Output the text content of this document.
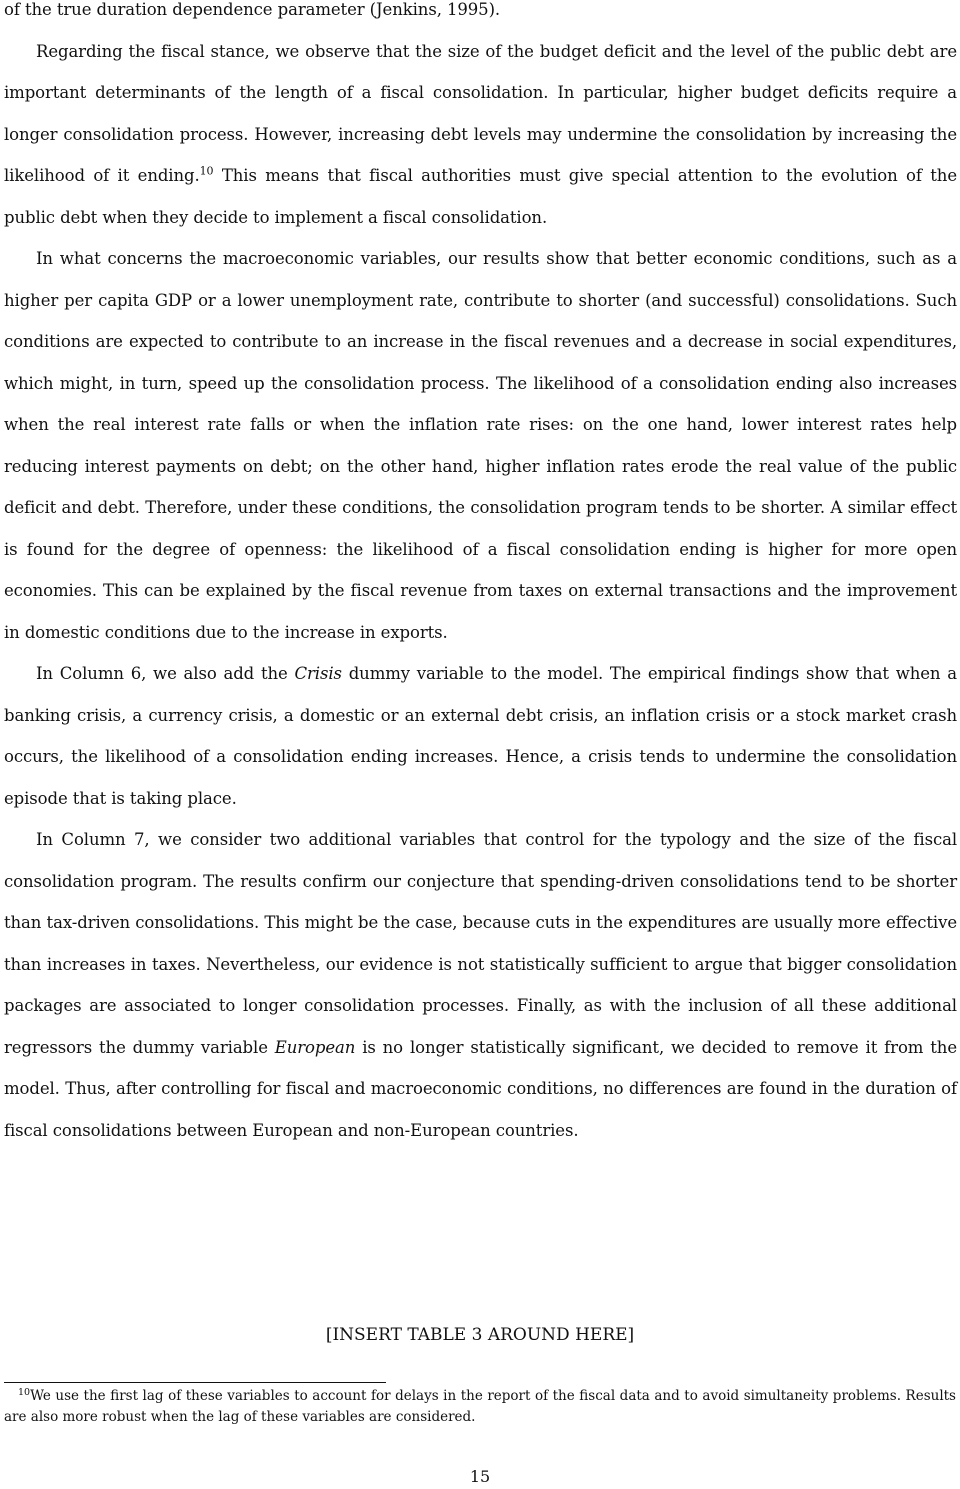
of the true duration dependence parameter (Jenkins, 1995).

Regarding the fiscal stance, we observe that the size of the budget deficit and the level of the public debt are important determinants of the length of a fiscal consolidation. In particular, higher budget deficits require a longer consolidation process. However, increasing debt levels may undermine the consolidation by increasing the likelihood of it ending.$^{10}$ This means that fiscal authorities must give special attention to the evolution of the public debt when they decide to implement a fiscal consolidation.

In what concerns the macroeconomic variables, our results show that better economic conditions, such as a higher per capita GDP or a lower unemployment rate, contribute to shorter (and successful) consolidations. Such conditions are expected to contribute to an increase in the fiscal revenues and a decrease in social expenditures, which might, in turn, speed up the consolidation process. The likelihood of a consolidation ending also increases when the real interest rate falls or when the inflation rate rises: on the one hand, lower interest rates help reducing interest payments on debt; on the other hand, higher inflation rates erode the real value of the public deficit and debt. Therefore, under these conditions, the consolidation program tends to be shorter. A similar effect is found for the degree of openness: the likelihood of a fiscal consolidation ending is higher for more open economies. This can be explained by the fiscal revenue from taxes on external transactions and the improvement in domestic conditions due to the increase in exports.

In Column 6, we also add the Crisis dummy variable to the model. The empirical findings show that when a banking crisis, a currency crisis, a domestic or an external debt crisis, an inflation crisis or a stock market crash occurs, the likelihood of a consolidation ending increases. Hence, a crisis tends to undermine the consolidation episode that is taking place.

In Column 7, we consider two additional variables that control for the typology and the size of the fiscal consolidation program. The results confirm our conjecture that spending-driven consolidations tend to be shorter than tax-driven consolidations. This might be the case, because cuts in the expenditures are usually more effective than increases in taxes. Nevertheless, our evidence is not statistically sufficient to argue that bigger consolidation packages are associated to longer consolidation processes. Finally, as with the inclusion of all these additional regressors the dummy variable European is no longer statistically significant, we decided to remove it from the model. Thus, after controlling for fiscal and macroeconomic conditions, no differences are found in the duration of fiscal consolidations between European and non-European countries.

[INSERT TABLE 3 AROUND HERE]
$^{10}$We use the first lag of these variables to account for delays in the report of the fiscal data and to avoid simultaneity problems. Results are also more robust when the lag of these variables are considered.
15
